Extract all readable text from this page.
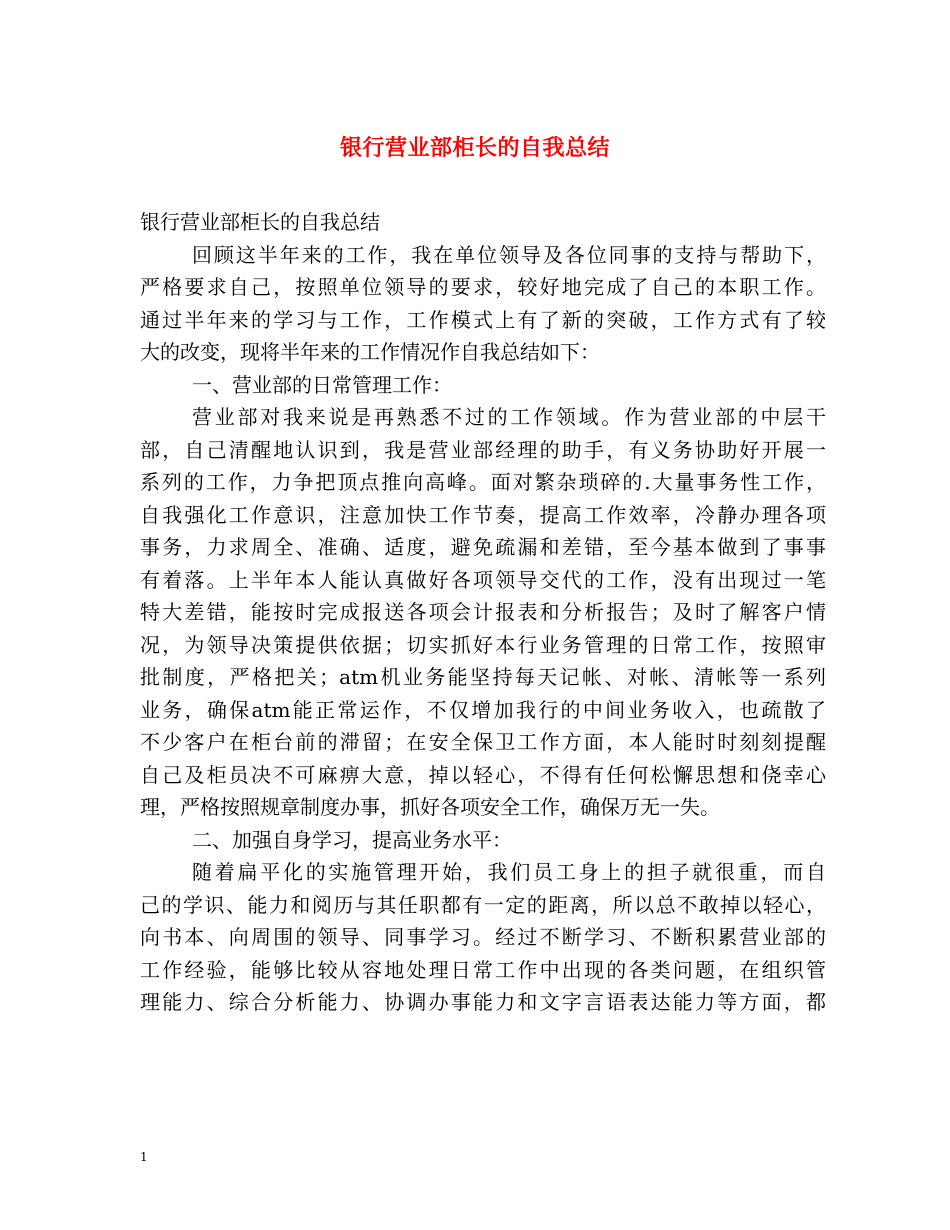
银行营业部柜长的自我总结
银行营业部柜长的自我总结
回顾这半年来的工作，我在单位领导及各位同事的支持与帮助下，
严格要求自己，按照单位领导的要求，较好地完成了自己的本职工作。
通过半年来的学习与工作，工作模式上有了新的突破，工作方式有了较
大的改变，现将半年来的工作情况作自我总结如下：
一、营业部的日常管理工作：
营业部对我来说是再熟悉不过的工作领域。作为营业部的中层干
部，自己清醒地认识到，我是营业部经理的助手，有义务协助好开展一
系列的工作，力争把顶点推向高峰。面对繁杂琐碎的.大量事务性工作，
自我强化工作意识，注意加快工作节奏，提高工作效率，冷静办理各项
事务，力求周全、准确、适度，避免疏漏和差错，至今基本做到了事事
有着落。上半年本人能认真做好各项领导交代的工作，没有出现过一笔
特大差错，能按时完成报送各项会计报表和分析报告；及时了解客户情
况，为领导决策提供依据；切实抓好本行业务管理的日常工作，按照审
批制度，严格把关；atm机业务能坚持每天记帐、对帐、清帐等一系列
业务，确保atm能正常运作，不仅增加我行的中间业务收入，也疏散了
不少客户在柜台前的滞留；在安全保卫工作方面，本人能时时刻刻提醒
自己及柜员决不可麻痹大意，掉以轻心，不得有任何松懈思想和侥幸心
理，严格按照规章制度办事，抓好各项安全工作，确保万无一失。
二、加强自身学习，提高业务水平：
随着扁平化的实施管理开始，我们员工身上的担子就很重，而自
己的学识、能力和阅历与其任职都有一定的距离，所以总不敢掉以轻心，
向书本、向周围的领导、同事学习。经过不断学习、不断积累营业部的
工作经验，能够比较从容地处理日常工作中出现的各类问题，在组织管
理能力、综合分析能力、协调办事能力和文字言语表达能力等方面，都
1
